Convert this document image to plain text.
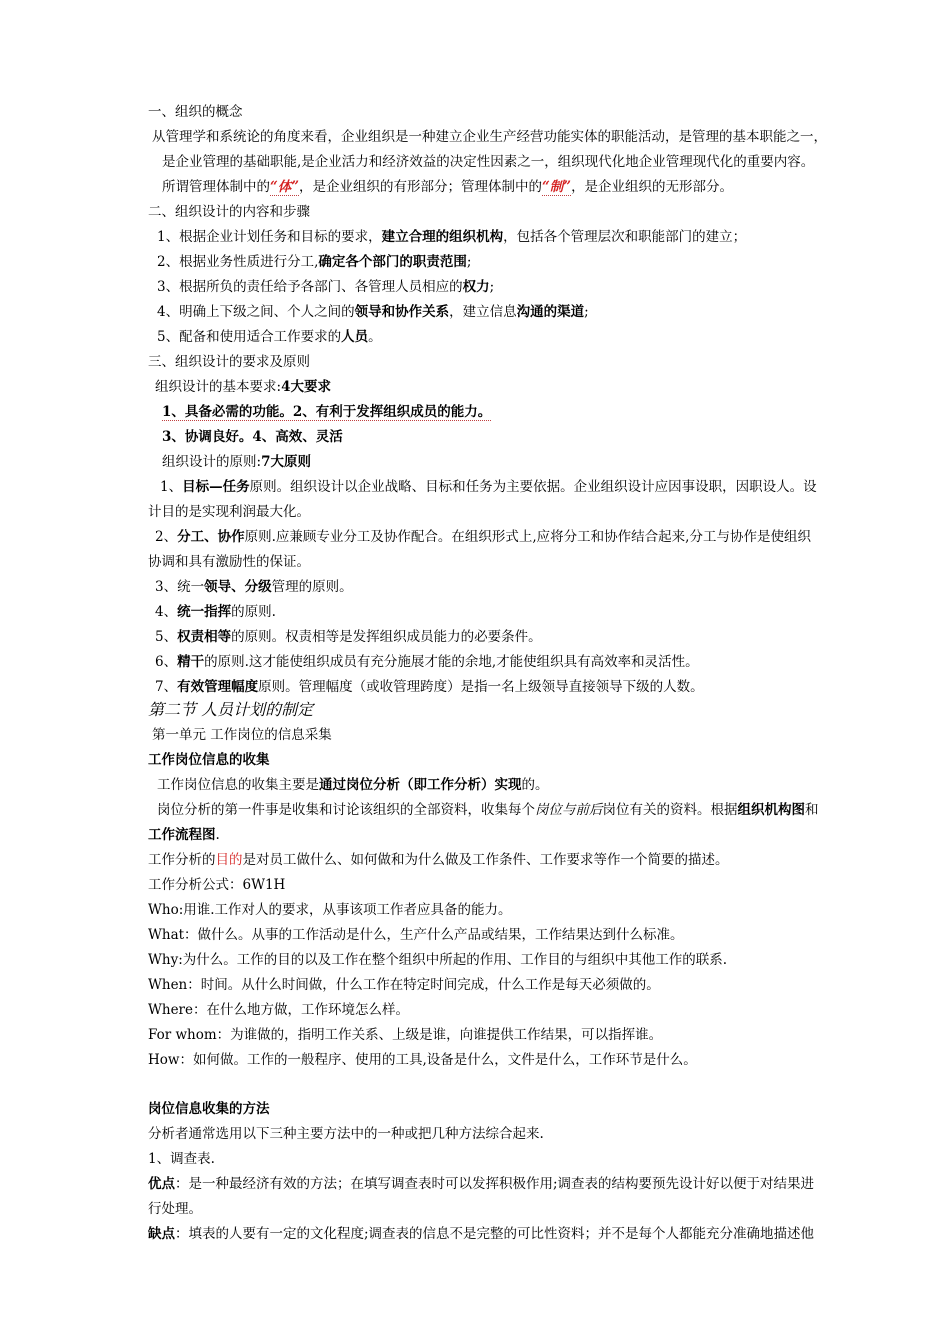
一、组织的概念
从管理学和系统论的角度来看，企业组织是一种建立企业生产经营功能实体的职能活动，是管理的基本职能之一，
是企业管理的基础职能,是企业活力和经济效益的决定性因素之一，组织现代化地企业管理现代化的重要内容。
所谓管理体制中的“体”，是企业组织的有形部分；管理体制中的“制”，是企业组织的无形部分。
二、组织设计的内容和步骤
1、根据企业计划任务和目标的要求，建立合理的组织机构，包括各个管理层次和职能部门的建立；
2、根据业务性质进行分工,确定各个部门的职责范围;
3、根据所负的责任给予各部门、各管理人员相应的权力;
4、明确上下级之间、个人之间的领导和协作关系，建立信息沟通的渠道;
5、配备和使用适合工作要求的人员。
三、组织设计的要求及原则
组织设计的基本要求:4大要求
1、具备必需的功能。2、有利于发挥组织成员的能力。
3、协调良好。4、高效、灵活
组织设计的原则:7大原则
1、目标—任务原则。组织设计以企业战略、目标和任务为主要依据。企业组织设计应因事设职，因职设人。设
计目的是实现利润最大化。
2、分工、协作原则.应兼顾专业分工及协作配合。在组织形式上,应将分工和协作结合起来,分工与协作是使组织
协调和具有激励性的保证。
3、统一领导、分级管理的原则。
4、统一指挥的原则.
5、权责相等的原则。权责相等是发挥组织成员能力的必要条件。
6、精干的原则.这才能使组织成员有充分施展才能的余地,才能使组织具有高效率和灵活性。
7、有效管理幅度原则。管理幅度（或收管理跨度）是指一名上级领导直接领导下级的人数。
第二节 人员计划的制定
第一单元 工作岗位的信息采集
工作岗位信息的收集
工作岗位信息的收集主要是通过岗位分析（即工作分析）实现的。
岗位分析的第一件事是收集和讨论该组织的全部资料，收集每个岗位与前后岗位有关的资料。根据组织机构图和
工作流程图.
工作分析的目的是对员工做什么、如何做和为什么做及工作条件、工作要求等作一个简要的描述。
工作分析公式：6W1H
Who:用谁.工作对人的要求，从事该项工作者应具备的能力。
What：做什么。从事的工作活动是什么，生产什么产品或结果，工作结果达到什么标准。
Why:为什么。工作的目的以及工作在整个组织中所起的作用、工作目的与组织中其他工作的联系.
When：时间。从什么时间做，什么工作在特定时间完成，什么工作是每天必须做的。
Where：在什么地方做，工作环境怎么样。
For whom：为谁做的，指明工作关系、上级是谁，向谁提供工作结果，可以指挥谁。
How：如何做。工作的一般程序、使用的工具,设备是什么，文件是什么，工作环节是什么。
岗位信息收集的方法
分析者通常选用以下三种主要方法中的一种或把几种方法综合起来.
1、调查表.
优点：是一种最经济有效的方法；在填写调查表时可以发挥积极作用;调查表的结构要预先设计好以便于对结果进
行处理。
缺点：填表的人要有一定的文化程度;调查表的信息不是完整的可比性资料；并不是每个人都能充分准确地描述他
